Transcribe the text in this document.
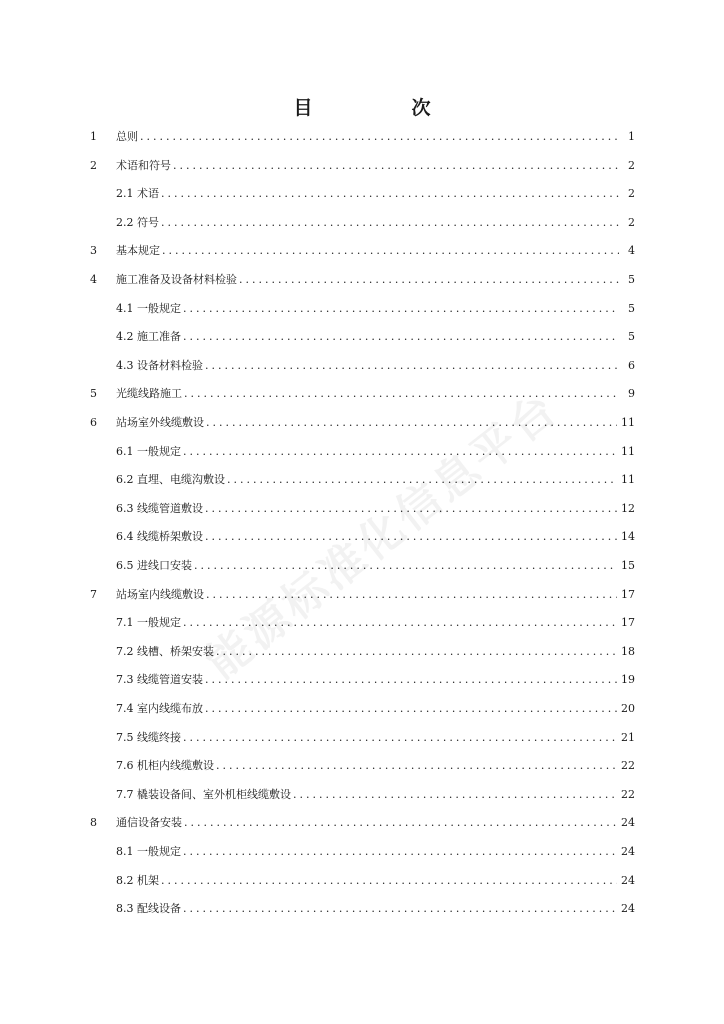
能源标准化信息平台
目　次
1	总则 .....	1
2	术语和符号 .....	2
2.1 术语 .....	2
2.2 符号 .....	2
3	基本规定 .....	4
4	施工准备及设备材料检验 .....	5
4.1 一般规定 .....	5
4.2 施工准备 .....	5
4.3 设备材料检验 .....	6
5	光缆线路施工 .....	9
6	站场室外线缆敷设 .....	11
6.1 一般规定 .....	11
6.2 直埋、电缆沟敷设 .....	11
6.3 线缆管道敷设 .....	12
6.4 线缆桥架敷设 .....	14
6.5 进线口安装 .....	15
7	站场室内线缆敷设 .....	17
7.1 一般规定 .....	17
7.2 线槽、桥架安装 .....	18
7.3 线缆管道安装 .....	19
7.4 室内线缆布放 .....	20
7.5 线缆终接 .....	21
7.6 机柜内线缆敷设 .....	22
7.7 橇装设备间、室外机柜线缆敷设 .....	22
8	通信设备安装 .....	24
8.1 一般规定 .....	24
8.2 机架 .....	24
8.3 配线设备 .....	24
